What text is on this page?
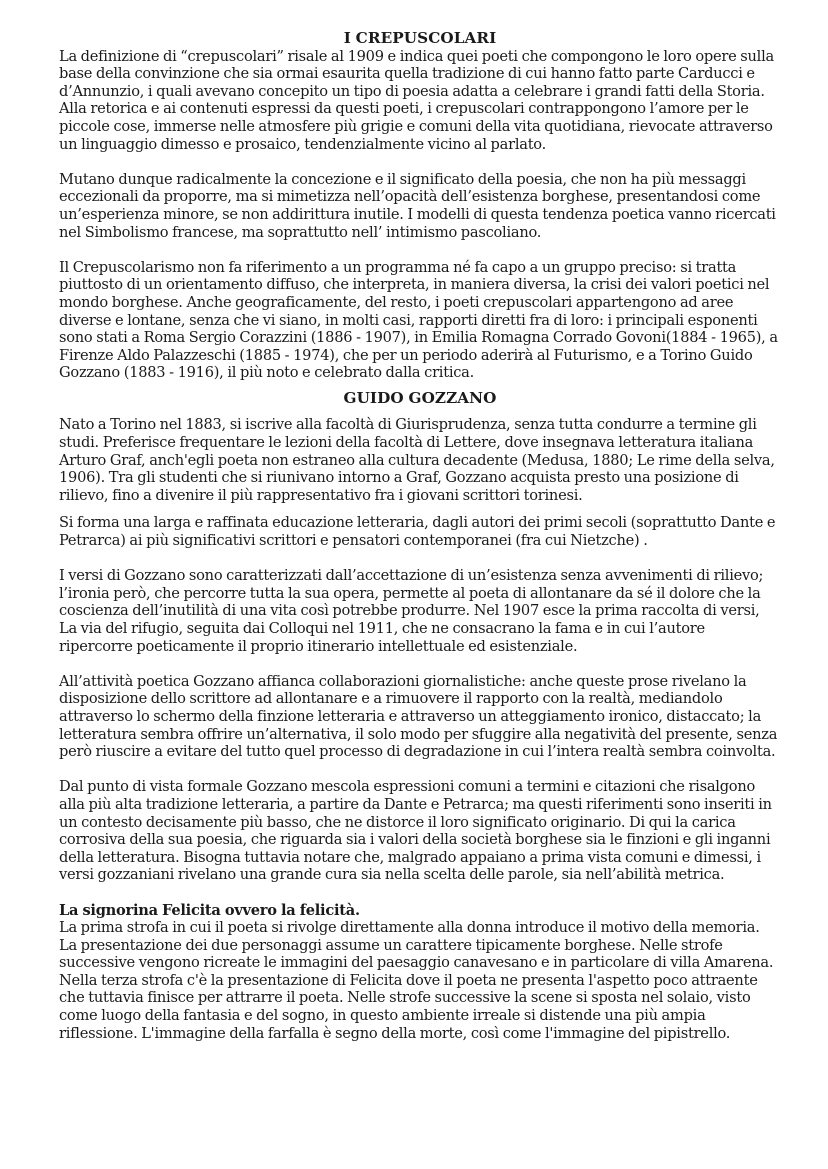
I CREPUSCOLARI

La definizione di “crepuscolari” risale al 1909 e indica quei poeti che compongono le loro opere sulla base della convinzione che sia ormai esaurita quella tradizione di cui hanno fatto parte Carducci e d’Annunzio, i quali avevano concepito un tipo di poesia adatta a celebrare i grandi fatti della Storia. Alla retorica e ai contenuti espressi da questi poeti, i crepuscolari contrappongono l’amore per le piccole cose, immerse nelle atmosfere più grigie e comuni della vita quotidiana, rievocate attraverso un linguaggio dimesso e prosaico, tendenzialmente vicino al parlato.

Mutano dunque radicalmente la concezione e il significato della poesia, che non ha più messaggi eccezionali da proporre, ma si mimetizza nell’opacità dell’esistenza borghese, presentandosi come un’esperienza minore, se non addirittura inutile. I modelli di questa tendenza poetica vanno ricercati nel Simbolismo francese, ma soprattutto nell’ intimismo pascoliano.

Il Crepuscolarismo non fa riferimento a un programma né fa capo a un gruppo preciso: si tratta piuttosto di un orientamento diffuso, che interpreta, in maniera diversa, la crisi dei valori poetici nel mondo borghese. Anche geograficamente, del resto, i poeti crepuscolari appartengono ad aree diverse e lontane, senza che vi siano, in molti casi, rapporti diretti fra di loro: i principali esponenti sono stati a Roma Sergio Corazzini (1886 - 1907), in Emilia Romagna Corrado Govoni(1884 - 1965), a Firenze Aldo Palazzeschi (1885 - 1974), che per un periodo aderirà al Futurismo, e a Torino Guido Gozzano (1883 - 1916), il più noto e celebrato dalla critica.

GUIDO GOZZANO

Nato a Torino nel 1883, si iscrive alla facoltà di Giurisprudenza, senza tutta condurre a termine gli studi. Preferisce frequentare le lezioni della facoltà di Lettere, dove insegnava letteratura italiana Arturo Graf, anch'egli poeta non estraneo alla cultura decadente (Medusa, 1880; Le rime della selva, 1906). Tra gli studenti che si riunivano intorno a Graf, Gozzano acquista presto una posizione di rilievo, fino a divenire il più rappresentativo fra i giovani scrittori torinesi.

Si forma una larga e raffinata educazione letteraria, dagli autori dei primi secoli (soprattutto Dante e Petrarca) ai più significativi scrittori e pensatori contemporanei (fra cui Nietzche) .

I versi di Gozzano sono caratterizzati dall’accettazione di un’esistenza senza avvenimenti di rilievo; l’ironia però, che percorre tutta la sua opera, permette al poeta di allontanare da sé il dolore che la coscienza dell’inutilità di una vita così potrebbe produrre. Nel 1907 esce la prima raccolta di versi, La via del rifugio, seguita dai Colloqui nel 1911, che ne consacrano la fama e in cui l’autore ripercorre poeticamente il proprio itinerario intellettuale ed esistenziale.

All’attività poetica Gozzano affianca collaborazioni giornalistiche: anche queste prose rivelano la disposizione dello scrittore ad allontanare e a rimuovere il rapporto con la realtà, mediandolo attraverso lo schermo della finzione letteraria e attraverso un atteggiamento ironico, distaccato; la letteratura sembra offrire un’alternativa, il solo modo per sfuggire alla negatività del presente, senza però riuscire a evitare del tutto quel processo di degradazione in cui l’intera realtà sembra coinvolta.

Dal punto di vista formale Gozzano mescola espressioni comuni a termini e citazioni che risalgono alla più alta tradizione letteraria, a partire da Dante e Petrarca; ma questi riferimenti sono inseriti in un contesto decisamente più basso, che ne distorce il loro significato originario. Di qui la carica corrosiva della sua poesia, che riguarda sia i valori della società borghese sia le finzioni e gli inganni della letteratura. Bisogna tuttavia notare che, malgrado appaiano a prima vista comuni e dimessi, i versi gozzaniani rivelano una grande cura sia nella scelta delle parole, sia nell’abilità metrica.

La signorina Felicita ovvero la felicità.

La prima strofa in cui il poeta si rivolge direttamente alla donna introduce il motivo della memoria. La presentazione dei due personaggi assume un carattere tipicamente borghese. Nelle strofe successive vengono ricreate le immagini del paesaggio canavesano e in particolare di villa Amarena. Nella terza strofa c'è la presentazione di Felicita dove il poeta ne presenta l'aspetto poco attraente che tuttavia finisce per attrarre il poeta. Nelle strofe successive la scene si sposta nel solaio, visto come luogo della fantasia e del sogno, in questo ambiente irreale si distende una più ampia riflessione. L'immagine della farfalla è segno della morte, così come l'immagine del pipistrello.
